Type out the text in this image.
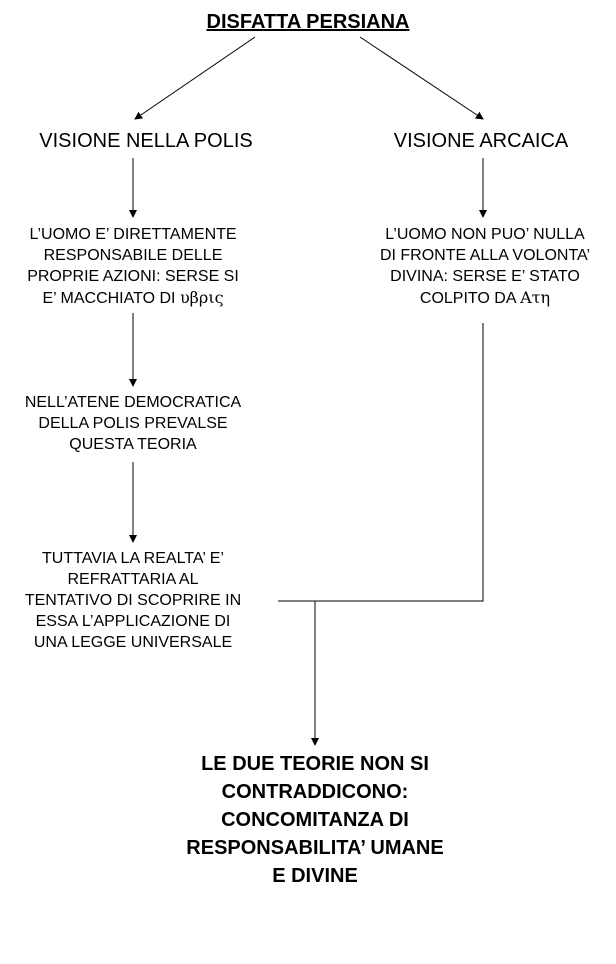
DISFATTA PERSIANA
VISIONE NELLA POLIS	VISIONE ARCAICA
L’UOMO E’ DIRETTAMENTE
RESPONSABILE DELLE
PROPRIE AZIONI: SERSE SI
E’ MACCHIATO DI υβρις
L’UOMO NON PUO’ NULLA
DI FRONTE ALLA VOLONTA’
DIVINA: SERSE E’ STATO
COLPITO DA Ατη
NELL’ATENE DEMOCRATICA
DELLA POLIS PREVALSE
QUESTA TEORIA
TUTTAVIA LA REALTA’ E’
REFRATTARIA AL
TENTATIVO DI SCOPRIRE IN
ESSA L’APPLICAZIONE DI
UNA LEGGE UNIVERSALE
LE DUE TEORIE NON SI
CONTRADDICONO:
CONCOMITANZA DI
RESPONSABILITA’ UMANE
E DIVINE
